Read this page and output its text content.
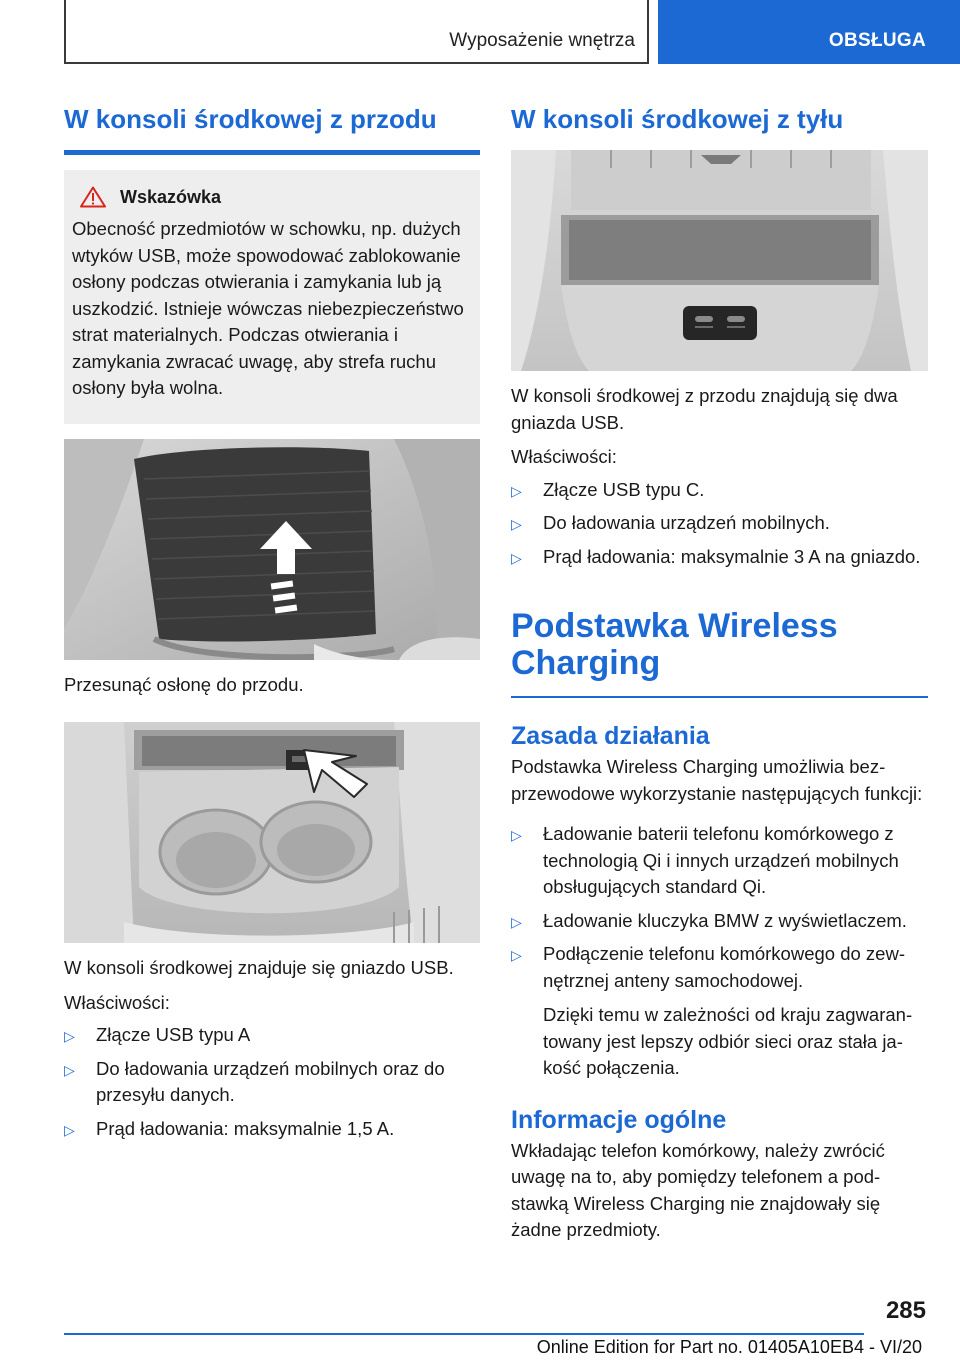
Wyposażenie wnętrza	OBSŁUGA
W konsoli środkowej z przodu
Wskazówka

Obecność przedmiotów w schowku, np. dużych wtyków USB, może spowodować zablokowanie osłony podczas otwierania i zamykania lub ją uszkodzić. Istnieje wówczas niebezpieczeństwo strat materialnych. Podczas otwierania i zamykania zwracać uwagę, aby strefa ruchu osłony była wolna.

Przesunąć osłonę do przodu.

W konsoli środkowej znajduje się gniazdo USB.

Właściwości:

▷ Złącze USB typu A
▷ Do ładowania urządzeń mobilnych oraz do przesyłu danych.
▷ Prąd ładowania: maksymalnie 1,5 A.
W konsoli środkowej z tyłu

W konsoli środkowej z przodu znajdują się dwa gniazda USB.

Właściwości:

▷ Złącze USB typu C.
▷ Do ładowania urządzeń mobilnych.
▷ Prąd ładowania: maksymalnie 3 A na gniazdo.
Podstawka Wireless Charging
Zasada działania

Podstawka Wireless Charging umożliwia bezprzewodowe wykorzystanie następujących funkcji:

▷ Ładowanie baterii telefonu komórkowego z technologią Qi i innych urządzeń mobilnych obsługujących standard Qi.
▷ Ładowanie kluczyka BMW z wyświetlaczem.
▷ Podłączenie telefonu komórkowego do zewnętrznej anteny samochodowej.

Dzięki temu w zależności od kraju zagwarantowany jest lepszy odbiór sieci oraz stała jakość połączenia.

Informacje ogólne

Wkładając telefon komórkowy, należy zwrócić uwagę na to, aby pomiędzy telefonem a podstawką Wireless Charging nie znajdowały się żadne przedmioty.

285
Online Edition for Part no. 01405A10EB4 - VI/20
